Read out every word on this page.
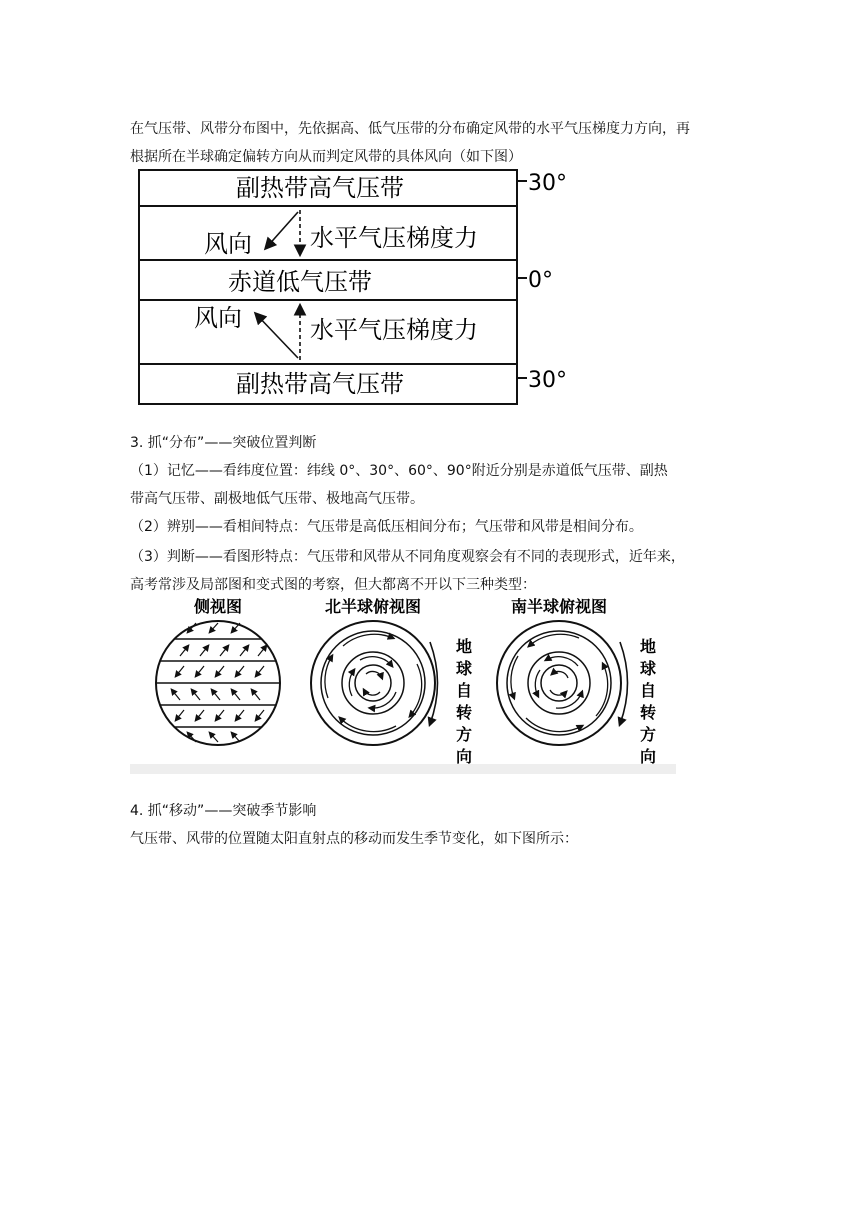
在气压带、风带分布图中，先依据高、低气压带的分布确定风带的水平气压梯度力方向，再

根据所在半球确定偏转方向从而判定风带的具体风向（如下图）

副热带高气压带
赤道低气压带
副热带高气压带
风向 水平气压梯度力
风向	水平气压梯度力
30°
0°
30°

3. 抓“分布”——突破位置判断

（1）记忆——看纬度位置：纬线 0°、30°、60°、90°附近分别是赤道低气压带、副热

带高气压带、副极地低气压带、极地高气压带。

（2）辨别——看相间特点：气压带是高低压相间分布；气压带和风带是相间分布。

（3）判断——看图形特点：气压带和风带从不同角度观察会有不同的表现形式，近年来，

高考常涉及局部图和变式图的考察，但大都离不开以下三种类型：

侧视图	北半球俯视图	南半球俯视图
地
球
自
转
方
向
地
球
自
转
方
向

4. 抓“移动”——突破季节影响

气压带、风带的位置随太阳直射点的移动而发生季节变化，如下图所示：
